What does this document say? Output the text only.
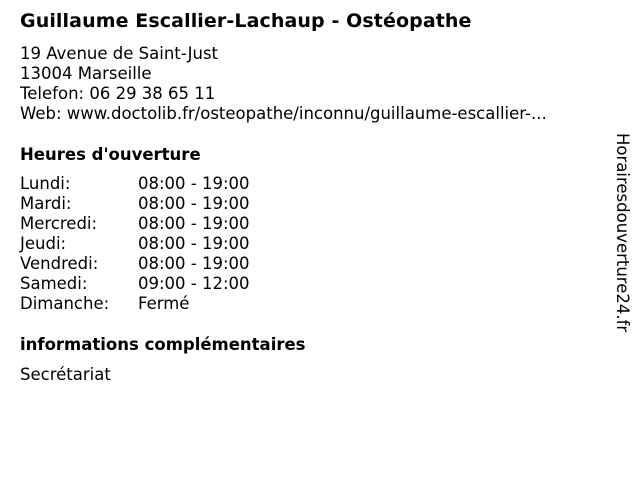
Guillaume Escallier-Lachaup - Ostéopathe
19 Avenue de Saint-Just
13004 Marseille
Telefon: 06 29 38 65 11
Web: www.doctolib.fr/osteopathe/inconnu/guillaume-escallier-...
Heures d'ouverture
Lundi:	08:00 - 19:00
Mardi:	08:00 - 19:00
Mercredi:	08:00 - 19:00
Jeudi:	08:00 - 19:00
Vendredi:	08:00 - 19:00
Samedi:	09:00 - 12:00
Dimanche:	Fermé
informations complémentaires
Secrétariat
Horairesdouverture24.fr
